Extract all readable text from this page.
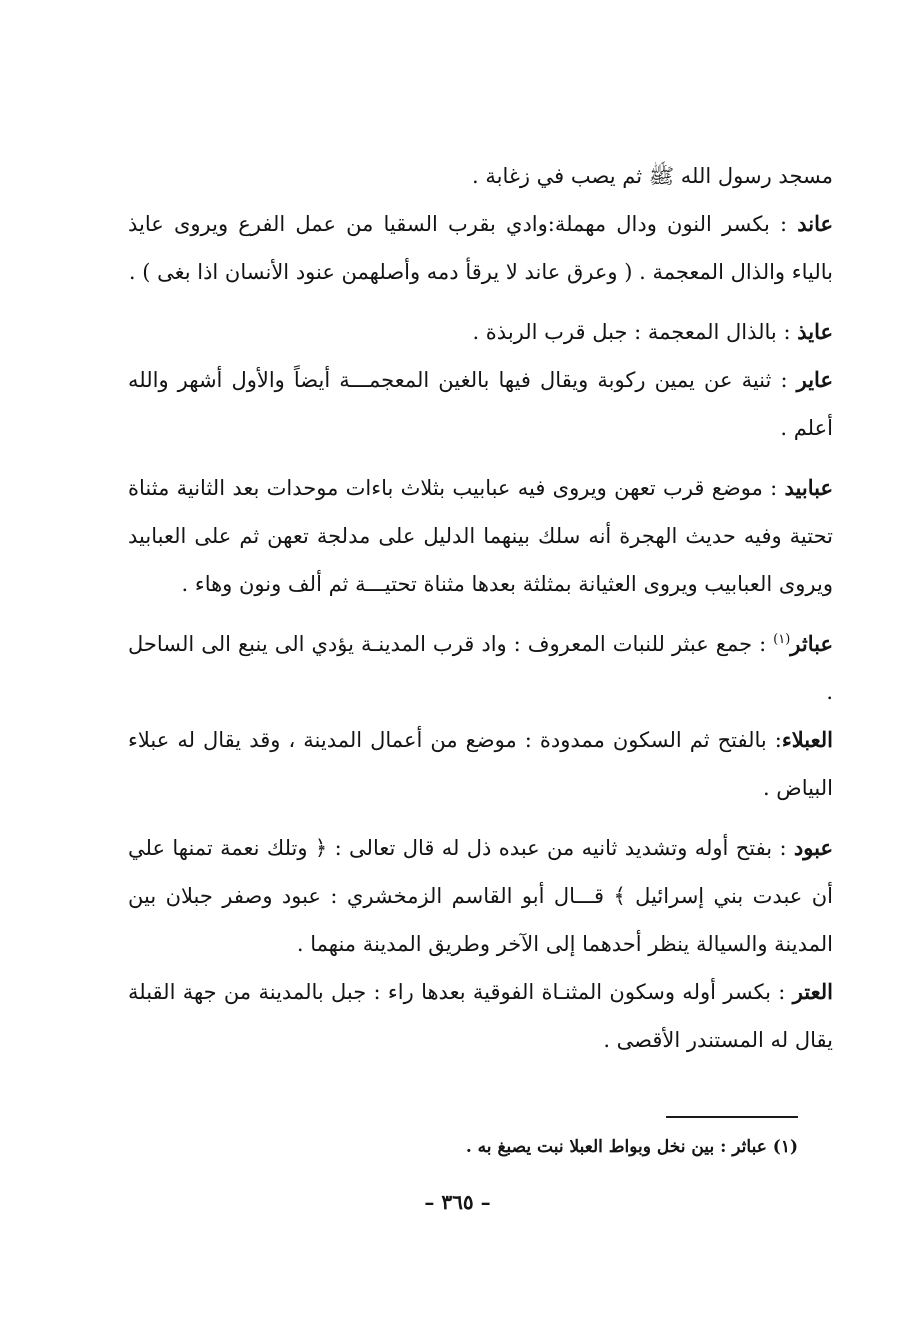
مسجد رسول الله ﷺ ثم يصب في زغابة .

عاند : بكسر النون ودال مهملة:وادي بقرب السقيا من عمل الفرع ويروى عايذ بالياء والذال المعجمة . ( وعرق عاند لا يرقأ دمه وأصلهمن عنود الأنسان اذا بغى ) .

عايذ : بالذال المعجمة : جبل قرب الربذة .

عاير : ثنية عن يمين ركوبة ويقال فيها بالغين المعجمـــة أيضاً والأول أشهر والله أعلم .

عبابيد : موضع قرب تعهن ويروى فيه عبابيب بثلاث باءات موحدات بعد الثانية مثناة تحتية وفيه حديث الهجرة أنه سلك بينهما الدليل على مدلجة تعهن ثم على العبابيد ويروى العبابيب ويروى العثيانة بمثلثة بعدها مثناة تحتيـــة ثم ألف ونون وهاء .

عباثر$^{(١)}$ : جمع عبثر للنبات المعروف : واد قرب المدينـة يؤدي الى ينبع الى الساحل .

العبلاء: بالفتح ثم السكون ممدودة : موضع من أعمال المدينة ، وقد يقال له عبلاء البياض .

عبود : بفتح أوله وتشديد ثانيه من عبده ذل له قال تعالى : ﴿ وتلك نعمة تمنها علي أن عبدت بني إسرائيل ﴾ قـــال أبو القاسم الزمخشري : عبود وصفر جبلان بين المدينة والسيالة ينظر أحدهما إلى الآخر وطريق المدينة منهما .

العتر : بكسر أوله وسكون المثنـاة الفوقية بعدها راء : جبل بالمدينة من جهة القبلة يقال له المستندر الأقصى .

(١) عباثر : بين نخل وبواط العبلا نبت يصبغ به .
– ٣٦٥ –
